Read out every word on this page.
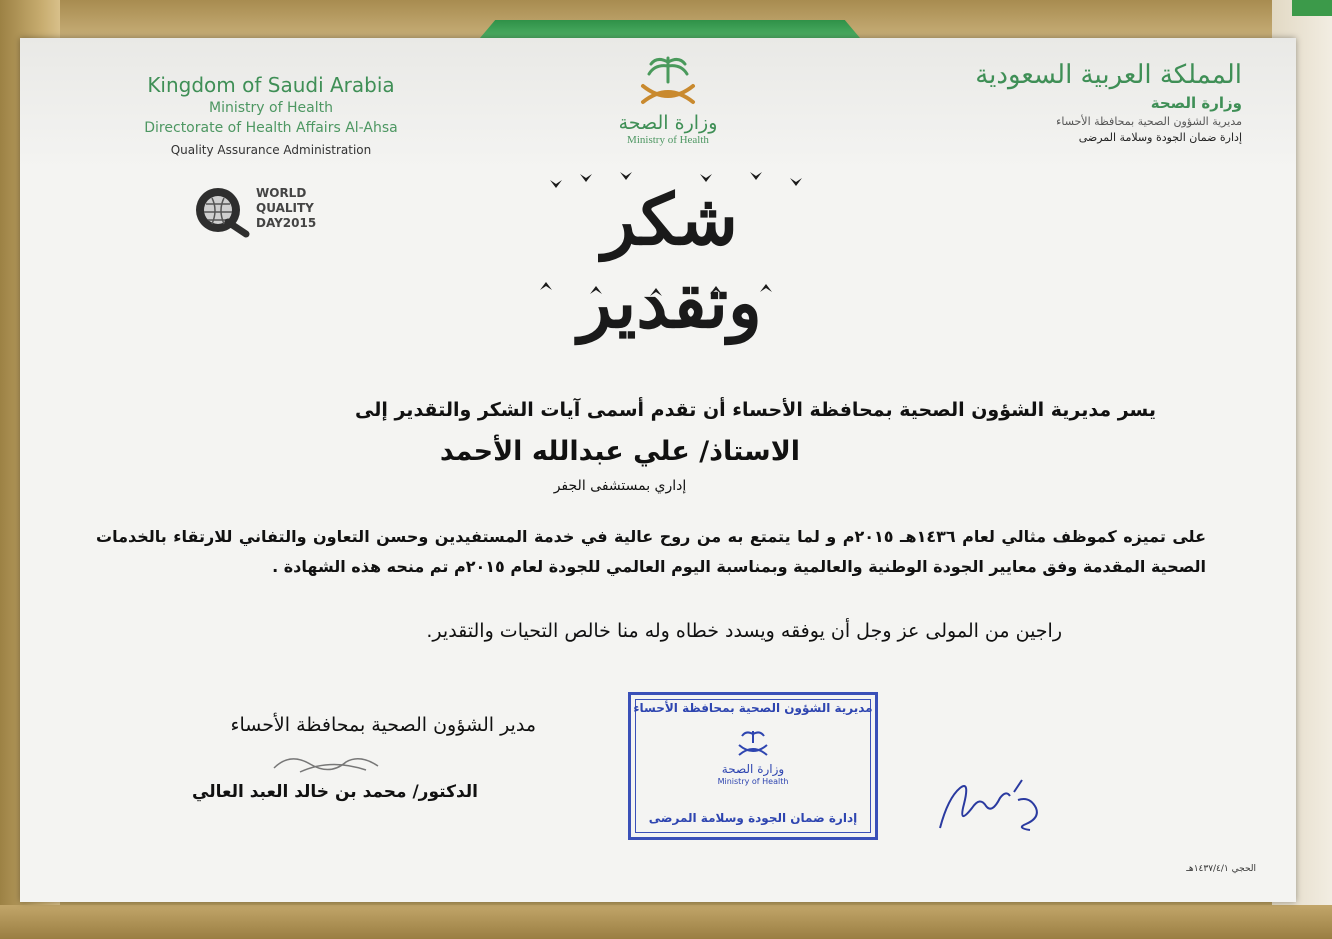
Kingdom of Saudi Arabia
Ministry of Health
Directorate of Health Affairs Al-Ahsa
Quality Assurance Administration
وزارة الصحة
Ministry of Health
المملكة العربية السعودية
وزارة الصحة
مديرية الشؤون الصحية بمحافظة الأحساء
إدارة ضمان الجودة وسلامة المرضى
WORLD
QUALITY
DAY2015	شكر وتقدير
يسر مديرية الشؤون الصحية بمحافظة الأحساء أن تقدم أسمى آيات الشكر والتقدير إلى
الاستاذ/ علي عبدالله الأحمد
إداري بمستشفى الجفر
على تميزه كموظف مثالي لعام ١٤٣٦هـ ٢٠١٥م و لما يتمتع به من روح عالية في خدمة المستفيدين وحسن التعاون والتفاني للارتقاء بالخدمات الصحية المقدمة وفق معايير الجودة الوطنية والعالمية وبمناسبة اليوم العالمي للجودة لعام ٢٠١٥م تم منحه هذه الشهادة .
راجين من المولى عز وجل أن يوفقه ويسدد خطاه وله منا خالص التحيات والتقدير.
مدير الشؤون الصحية بمحافظة الأحساء
الدكتور/ محمد بن خالد العبد العالي
مديرية الشؤون الصحية بمحافظة الأحساء
وزارة الصحة
Ministry of Health
إدارة ضمان الجودة وسلامة المرضى
الحجي ١٤٣٧/٤/١هـ
